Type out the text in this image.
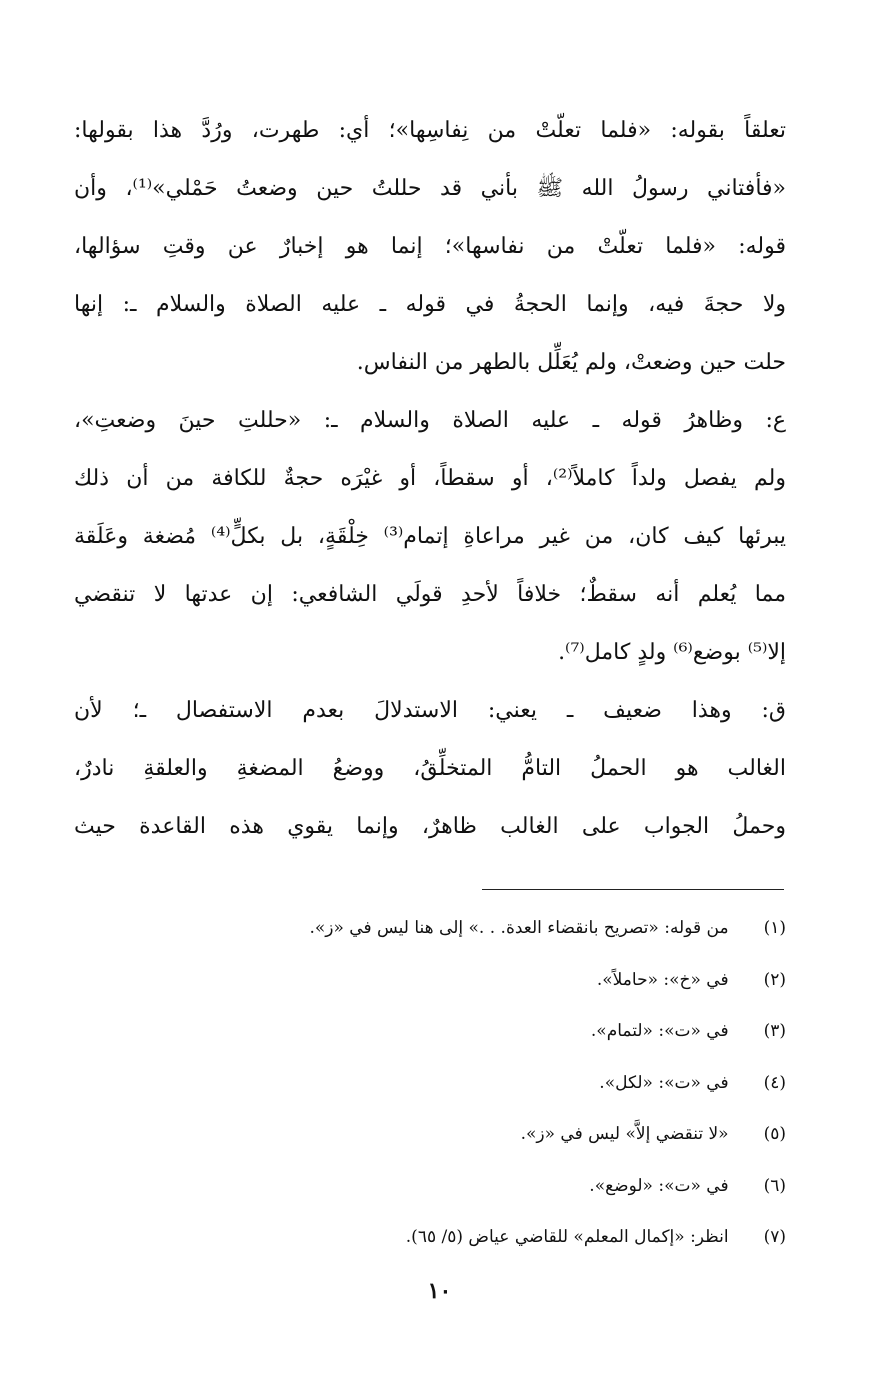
تعلقاً بقوله: «فلما تعلّتْ من نِفاسِها»؛ أي: طهرت، ورُدَّ هذا بقولها:
«فأفتاني رسولُ الله ﷺ بأني قد حللتُ حين وضعتُ حَمْلي»⁽¹⁾، وأن
قوله: «فلما تعلّتْ من نفاسها»؛ إنما هو إخبارٌ عن وقتِ سؤالها،
ولا حجةَ فيه، وإنما الحجةُ في قوله ـ عليه الصلاة والسلام ـ: إنها
حلت حين وضعتْ، ولم يُعَلِّل بالطهر من النفاس.

ع: وظاهرُ قوله ـ عليه الصلاة والسلام ـ: «حللتِ حينَ وضعتِ»،
ولم يفصل ولداً كاملاً⁽²⁾، أو سقطاً، أو غيْرَه حجةٌ للكافة من أن ذلك
يبرئها كيف كان، من غير مراعاةِ إتمام⁽³⁾ خِلْقَةٍ، بل بكلٍّ⁽⁴⁾ مُضغة وعَلَقة
مما يُعلم أنه سقطٌ؛ خلافاً لأحدِ قولَي الشافعي: إن عدتها لا تنقضي
إلا⁽⁵⁾ بوضع⁽⁶⁾ ولدٍ كامل⁽⁷⁾.

ق: وهذا ضعيف ـ يعني: الاستدلالَ بعدم الاستفصال ـ؛ لأن
الغالب هو الحملُ التامُّ المتخلِّقُ، ووضعُ المضغةِ والعلقةِ نادرٌ،
وحملُ الجواب على الغالب ظاهرٌ، وإنما يقوي هذه القاعدة حيث

(١) من قوله: «تصريح بانقضاء العدة. . .» إلى هنا ليس في «ز».
(٢) في «خ»: «حاملاً».
(٣) في «ت»: «لتمام».
(٤) في «ت»: «لكل».
(٥) «لا تنقضي إلاَّ» ليس في «ز».
(٦) في «ت»: «لوضع».
(٧) انظر: «إكمال المعلم» للقاضي عياض (٥/ ٦٥).
١٠
